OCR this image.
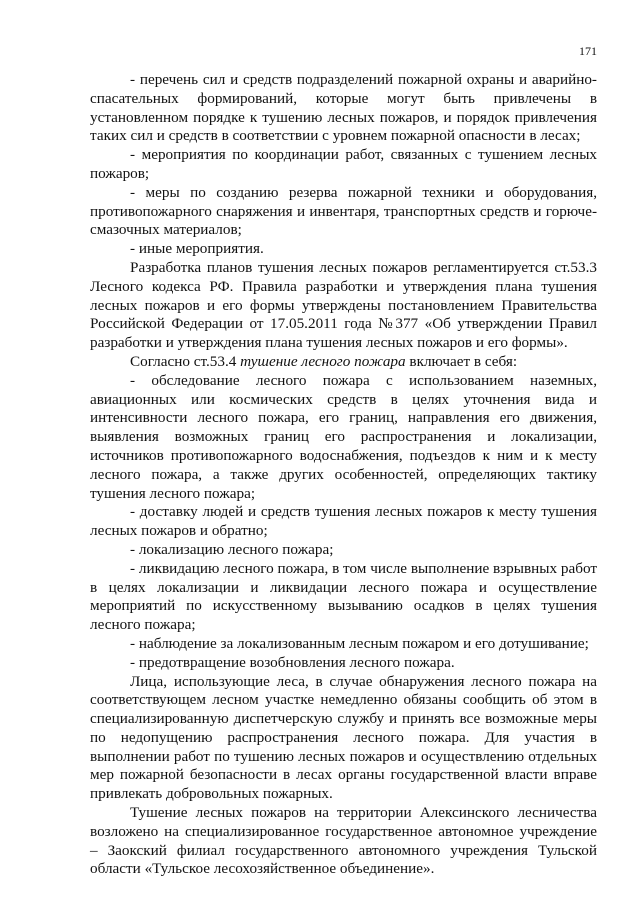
171

- перечень сил и средств подразделений пожарной охраны и аварийно-спасательных формирований, которые могут быть привлечены в установленном порядке к тушению лесных пожаров, и порядок привлечения таких сил и средств в соответствии с уровнем пожарной опасности в лесах;

- мероприятия по координации работ, связанных с тушением лесных пожаров;

- меры по созданию резерва пожарной техники и оборудования, противопожарного снаряжения и инвентаря, транспортных средств и горюче-смазочных материалов;

- иные мероприятия.

Разработка планов тушения лесных пожаров регламентируется ст.53.3 Лесного кодекса РФ. Правила разработки и утверждения плана тушения лесных пожаров и его формы утверждены постановлением Правительства Российской Федерации от 17.05.2011 года №377 «Об утверждении Правил разработки и утверждения плана тушения лесных пожаров и его формы».

Согласно ст.53.4 тушение лесного пожара включает в себя:

- обследование лесного пожара с использованием наземных, авиационных или космических средств в целях уточнения вида и интенсивности лесного пожара, его границ, направления его движения, выявления возможных границ его распространения и локализации, источников противопожарного водоснабжения, подъездов к ним и к месту лесного пожара, а также других особенностей, определяющих тактику тушения лесного пожара;

- доставку людей и средств тушения лесных пожаров к месту тушения лесных пожаров и обратно;

- локализацию лесного пожара;

- ликвидацию лесного пожара, в том числе выполнение взрывных работ в целях локализации и ликвидации лесного пожара и осуществление мероприятий по искусственному вызыванию осадков в целях тушения лесного пожара;

- наблюдение за локализованным лесным пожаром и его дотушивание;

- предотвращение возобновления лесного пожара.

Лица, использующие леса, в случае обнаружения лесного пожара на соответствующем лесном участке немедленно обязаны сообщить об этом в специализированную диспетчерскую службу и принять все возможные меры по недопущению распространения лесного пожара. Для участия в выполнении работ по тушению лесных пожаров и осуществлению отдельных мер пожарной безопасности в лесах органы государственной власти вправе привлекать добровольных пожарных.

Тушение лесных пожаров на территории Алексинского лесничества возложено на специализированное государственное автономное учреждение – Заокский филиал государственного автономного учреждения Тульской области «Тульское лесохозяйственное объединение».
